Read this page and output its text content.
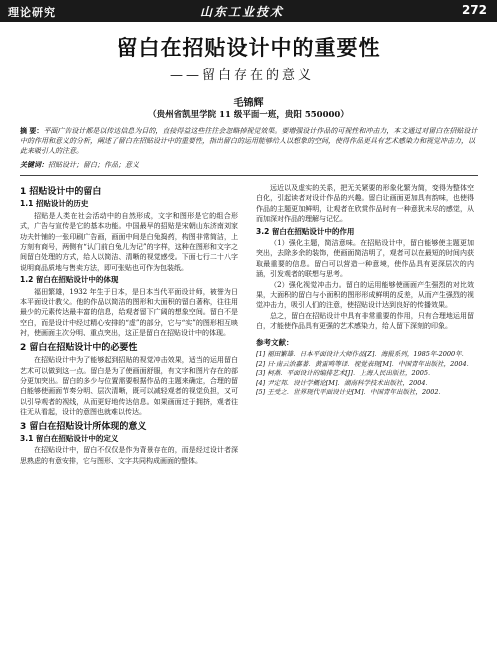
理论研究	山东工业技术	272
留白在招贴设计中的重要性
——留白存在的意义
毛锦辉
（贵州省凯里学院 11 级平面一班，贵阳 550000）
摘 要：平面广告设计都是以传达信息为目的，直接得益这些往往会忽略掉视觉效果。要增强设计作品的可视性和冲击力，本文通过对留白在招贴设计中的作用和意义的分析，阐述了留白在招贴设计中的重要性，指出留白的运用能够给人以想象的空间，使得作品更具有艺术感染力和视觉冲击力，以此来吸引人的注意。
关键词：招贴设计；留白；作品；意义
1 招贴设计中的留白
1.1 招贴设计的历史

招贴是人类在社会活动中的自然形成，文字和图形是它的组合形式，广告与宣传是它的基本功能。中国最早的招贴是宋朝山东济南刘家功夫针铺的一张印刷广告画，画面中间是白兔捣药，构图非常简洁，上方刻有商号，两侧有“认门前白兔儿为记”的字样，这种在图形和文字之间留白处理的方式，给人以简洁、清晰的视觉感受。下面七行二十八字说明商品质地与售卖方法，即可张贴也可作为包装纸。

1.2 留白在招贴设计中的体现

福田繁雄，1932 年生于日本，是日本当代平面设计师，被誉为日本平面设计教父。他的作品以简洁的图形和大面积的留白著称，往往用最少的元素传达最丰富的信息，给观者留下广阔的想象空间。留白不是空白，而是设计中经过精心安排的“虚”的部分，它与“实”的图形相互映衬，使画面主次分明、重点突出，这正是留白在招贴设计中的体现。

2 留白在招贴设计中的必要性

在招贴设计中为了能够起到招贴的视觉冲击效果，适当的运用留白艺术可以做到这一点。留白是为了使画面舒服，有文字和图片存在的部分更加突出。留白的多少与位置需要根据作品的主题来确定，合理的留白能够使画面节奏分明、层次清晰，既可以减轻观者的视觉负担，又可以引导观者的视线，从而更好地传达信息。如果画面过于拥挤，观者往往无从看起，设计的意图也就难以传达。

3 留白在招贴设计所体现的意义
3.1 留白在招贴设计中的定义

在招贴设计中，留白不仅仅是作为背景存在的，而是经过设计者深思熟虑的有意安排，它与图形、文字共同构成画面的整体。

远近以及虚实的关系，把无关紧要的形象化繁为简，变得为整体空白化，引起读者对设计作品的兴趣。留白让画面更加具有韵味，也使得作品的主题更加鲜明，让观者在欣赏作品时有一种意犹未尽的感觉，从而加深对作品的理解与记忆。

3.2 留白在招贴设计中的作用

（1）强化主题，简洁意味。在招贴设计中，留白能够使主题更加突出，去除多余的装饰，使画面简洁明了，观者可以在最短的时间内获取最重要的信息。留白可以营造一种意境，使作品具有更深层次的内涵，引发观者的联想与思考。

（2）强化视觉冲击力。留白的运用能够使画面产生强烈的对比效果，大面积的留白与小面积的图形形成鲜明的反差，从而产生强烈的视觉冲击力，吸引人们的注意，使招贴设计达到良好的传播效果。

总之，留白在招贴设计中具有非常重要的作用，只有合理地运用留白，才能使作品具有更强的艺术感染力，给人留下深刻的印象。

参考文献：
[1] 福田繁雄．日本平面设计大师作品[Z]．海报系列，1985年-2000年．
[2] 日·南云治嘉著．黄雷鸣等译．视觉表现[M]．中国青年出版社，2004．
[3] 柯燕．平面设计的编排艺术[J]．上海人民出版社，2005．
[4] 尹定邦．设计学概论[M]．湖南科学技术出版社，2004．
[5] 王受之．世界现代平面设计史[M]．中国青年出版社，2002．
